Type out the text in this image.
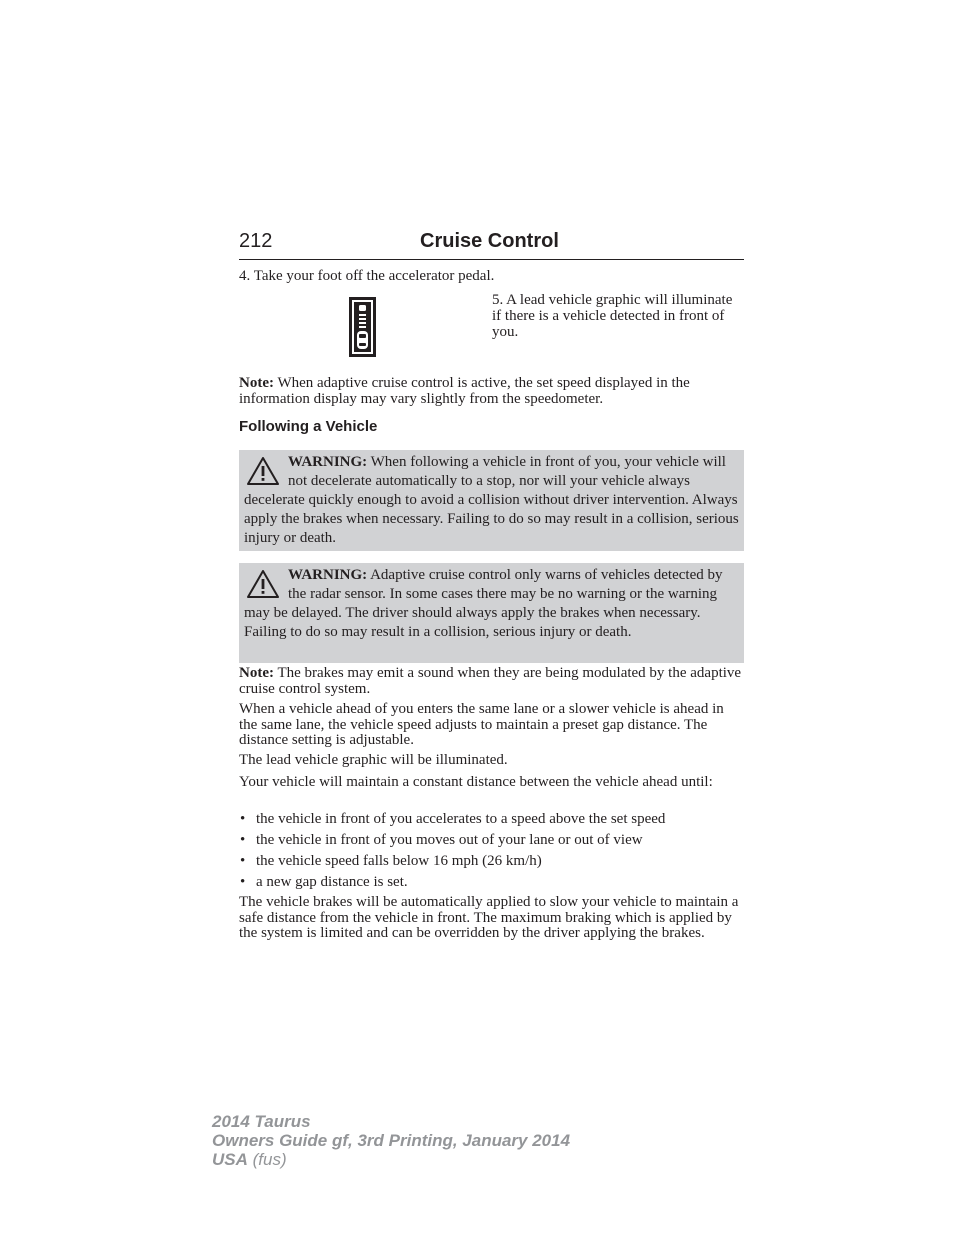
212	Cruise Control
4. Take your foot off the accelerator pedal.
5. A lead vehicle graphic will illuminate if there is a vehicle detected in front of you.
Note: When adaptive cruise control is active, the set speed displayed in the information display may vary slightly from the speedometer.
Following a Vehicle
WARNING: When following a vehicle in front of you, your vehicle will not decelerate automatically to a stop, nor will your vehicle always decelerate quickly enough to avoid a collision without driver intervention. Always apply the brakes when necessary. Failing to do so may result in a collision, serious injury or death.
WARNING: Adaptive cruise control only warns of vehicles detected by the radar sensor. In some cases there may be no warning or the warning may be delayed. The driver should always apply the brakes when necessary. Failing to do so may result in a collision, serious injury or death.
Note: The brakes may emit a sound when they are being modulated by the adaptive cruise control system.
When a vehicle ahead of you enters the same lane or a slower vehicle is ahead in the same lane, the vehicle speed adjusts to maintain a preset gap distance. The distance setting is adjustable.
The lead vehicle graphic will be illuminated.
Your vehicle will maintain a constant distance between the vehicle ahead until:
• the vehicle in front of you accelerates to a speed above the set speed
• the vehicle in front of you moves out of your lane or out of view
• the vehicle speed falls below 16 mph (26 km/h)
• a new gap distance is set.
The vehicle brakes will be automatically applied to slow your vehicle to maintain a safe distance from the vehicle in front. The maximum braking which is applied by the system is limited and can be overridden by the driver applying the brakes.
2014 Taurus
Owners Guide gf, 3rd Printing, January 2014
USA (fus)
